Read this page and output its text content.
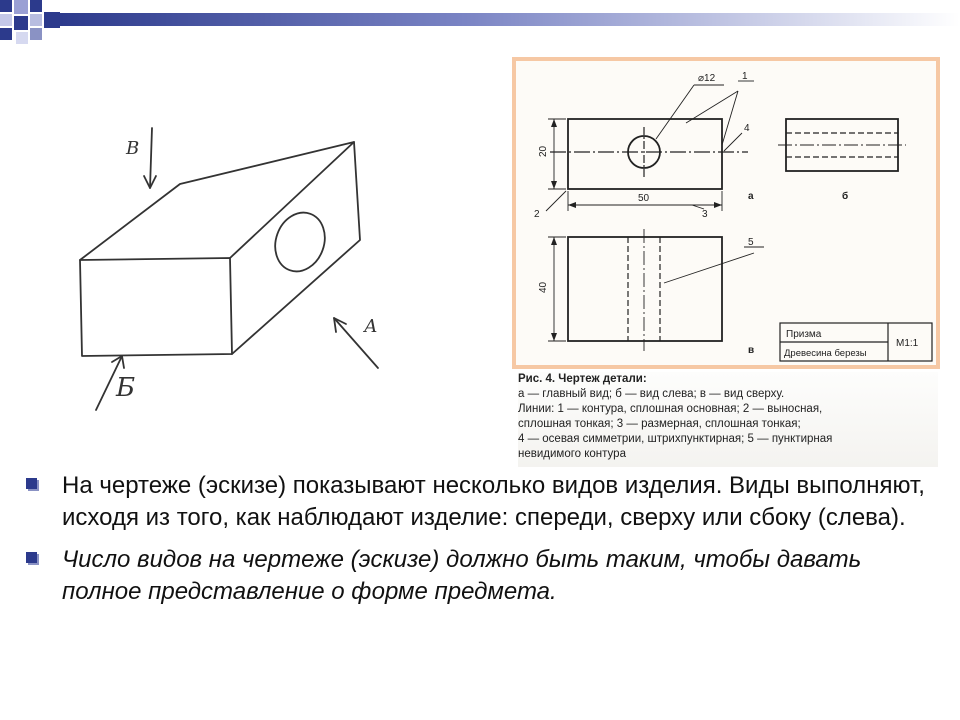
В
А
Б
⌀12
20
50
40
1
2	3
4
5
а	б
в
Призма
Древесина березы
М1:1
Рис. 4. Чертеж детали:
а — главный вид; б — вид слева; в — вид сверху.
Линии: 1 — контура, сплошная основная; 2 — выносная,
сплошная тонкая; 3 — размерная, сплошная тонкая;
4 — осевая симметрии, штрихпунктирная; 5 — пунктирная
невидимого контура
На чертеже (эскизе) показывают несколько видов изделия. Виды выполняют, исходя из того, как наблюдают изделие: спереди, сверху или сбоку (слева).
Число видов на чертеже (эскизе) должно быть таким, чтобы давать полное представление о форме предмета.
